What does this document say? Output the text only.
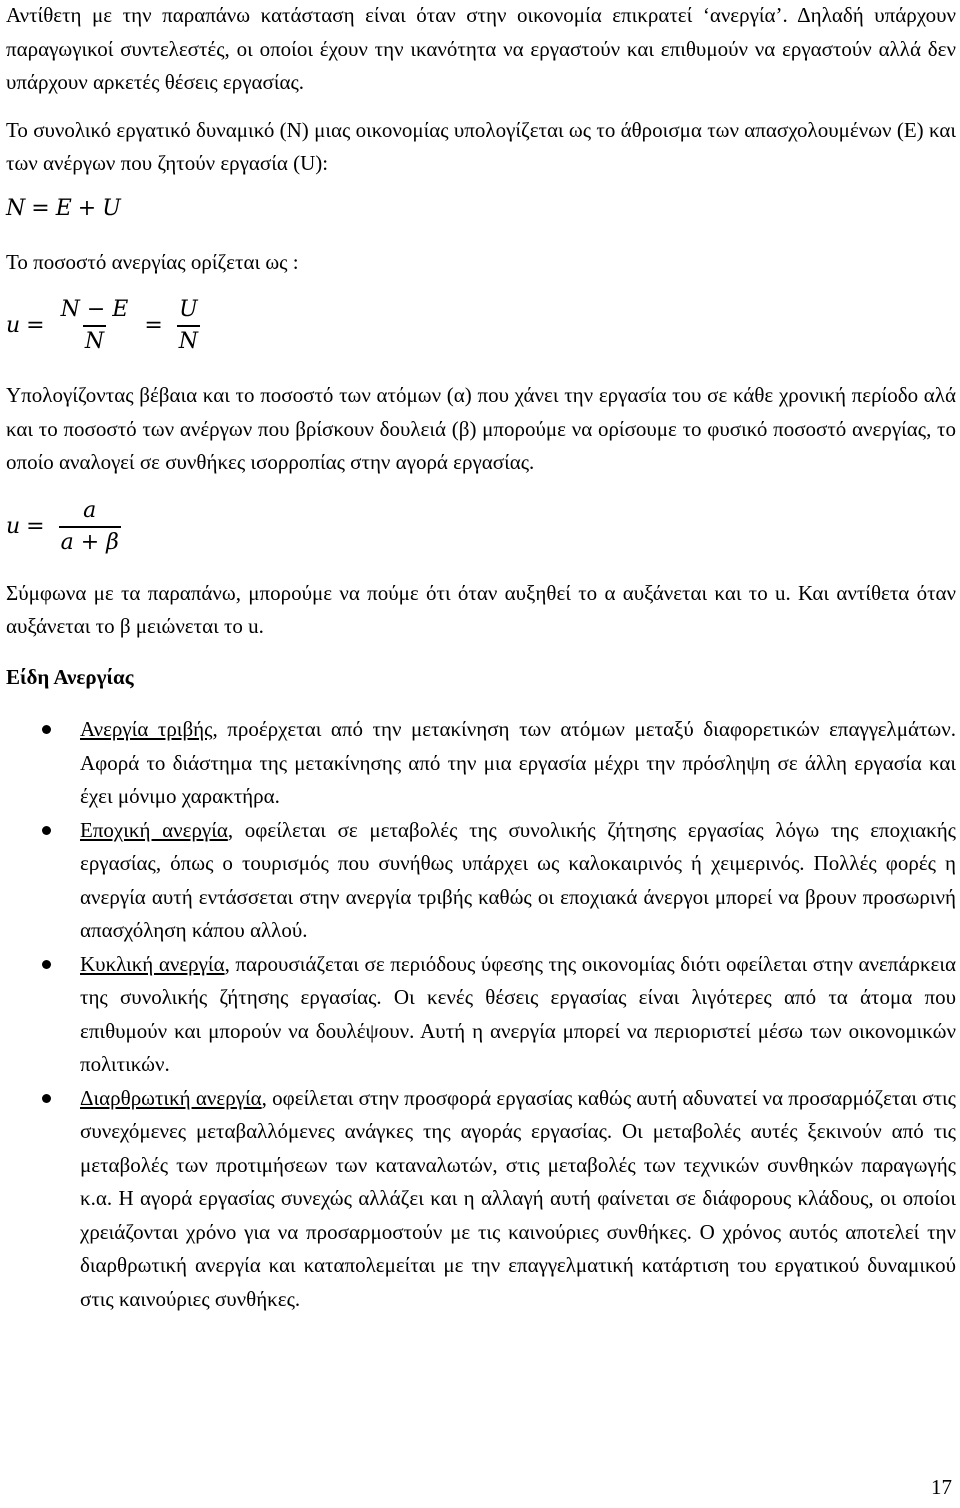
Αντίθετη με την παραπάνω κατάσταση είναι όταν στην οικονομία επικρατεί ‘ανεργία’. Δηλαδή υπάρχουν παραγωγικοί συντελεστές, οι οποίοι έχουν την ικανότητα να εργαστούν και επιθυμούν να εργαστούν αλλά δεν υπάρχουν αρκετές θέσεις εργασίας.

Το συνολικό εργατικό δυναμικό (Ν) μιας οικονομίας υπολογίζεται ως το άθροισμα των απασχολουμένων (Ε) και των ανέργων που ζητούν εργασία (U):

N = E + U

Το ποσοστό ανεργίας ορίζεται ως :

$u = \frac{N - E}{N} = \frac{U}{N}$

Υπολογίζοντας βέβαια και το ποσοστό των ατόμων (α) που χάνει την εργασία του σε κάθε χρονική περίοδο αλά και το ποσοστό των ανέργων που βρίσκουν δουλειά (β) μπορούμε να ορίσουμε το φυσικό ποσοστό ανεργίας, το οποίο αναλογεί σε συνθήκες ισορροπίας στην αγορά εργασίας.

$u = \frac{a}{a + \beta}$

Σύμφωνα με τα παραπάνω, μπορούμε να πούμε ότι όταν αυξηθεί το α αυξάνεται και το u. Και αντίθετα όταν αυξάνεται το β μειώνεται το u.

Είδη Ανεργίας
Ανεργία τριβής, προέρχεται από την μετακίνηση των ατόμων μεταξύ διαφορετικών επαγγελμάτων. Αφορά το διάστημα της μετακίνησης από την μια εργασία μέχρι την πρόσληψη σε άλλη εργασία και έχει μόνιμο χαρακτήρα.
Εποχική ανεργία, οφείλεται σε μεταβολές της συνολικής ζήτησης εργασίας λόγω της εποχιακής εργασίας, όπως ο τουρισμός που συνήθως υπάρχει ως καλοκαιρινός ή χειμερινός. Πολλές φορές η ανεργία αυτή εντάσσεται στην ανεργία τριβής καθώς οι εποχιακά άνεργοι μπορεί να βρουν προσωρινή απασχόληση κάπου αλλού.
Κυκλική ανεργία, παρουσιάζεται σε περιόδους ύφεσης της οικονομίας διότι οφείλεται στην ανεπάρκεια της συνολικής ζήτησης εργασίας. Οι κενές θέσεις εργασίας είναι λιγότερες από τα άτομα που επιθυμούν και μπορούν να δουλέψουν. Αυτή η ανεργία μπορεί να περιοριστεί μέσω των οικονομικών πολιτικών.
Διαρθρωτική ανεργία, οφείλεται στην προσφορά εργασίας καθώς αυτή αδυνατεί να προσαρμόζεται στις συνεχόμενες μεταβαλλόμενες ανάγκες της αγοράς εργασίας. Οι μεταβολές αυτές ξεκινούν από τις μεταβολές των προτιμήσεων των καταναλωτών, στις μεταβολές των τεχνικών συνθηκών παραγωγής κ.α. Η αγορά εργασίας συνεχώς αλλάζει και η αλλαγή αυτή φαίνεται σε διάφορους κλάδους, οι οποίοι χρειάζονται χρόνο για να προσαρμοστούν με τις καινούριες συνθήκες. Ο χρόνος αυτός αποτελεί την διαρθρωτική ανεργία και καταπολεμείται με την επαγγελματική κατάρτιση του εργατικού δυναμικού στις καινούριες συνθήκες.
17
